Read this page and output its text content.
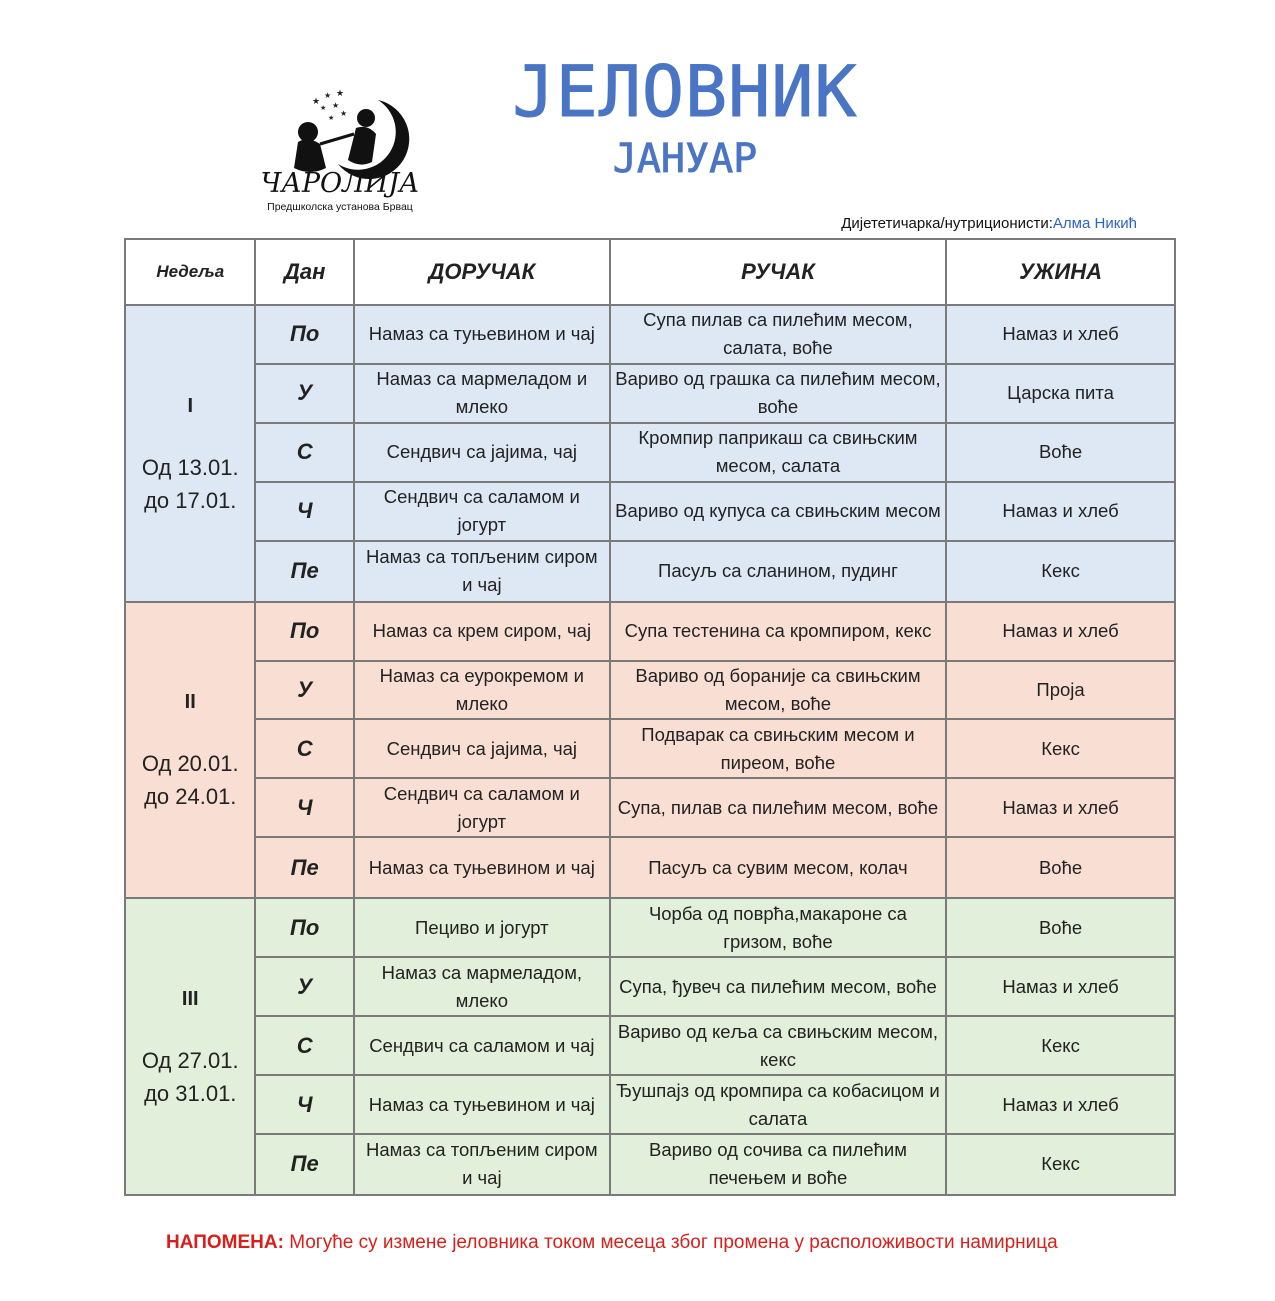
★
★ ★
★ ★
★
★
ЧАРОЛИЈА
Предшколска установа Брвац
ЈЕЛОВНИК
ЈАНУАР
Дијететичарка/нутриционисти:Алма Никић
Недеља	Дан	ДОРУЧАК	РУЧАК	УЖИНА

I
Од 13.01. до 17.01.	По	Намаз са туњевином и чај	Супа пилав са пилећим месом, салата, воће	Намаз и хлеб
	У	Намаз са мармеладом и млеко	Вариво од грашка са пилећим месом, воће	Царска пита
	С	Сендвич са јајима, чај	Кромпир паприкаш са свињским месом, салата	Воће
	Ч	Сендвич са саламом и јогурт	Вариво од купуса са свињским месом	Намаз и хлеб
	Пе	Намаз са топљеним сиром и чај	Пасуљ са сланином, пудинг	Кекс

II
Од 20.01. до 24.01.	По	Намаз са крем сиром, чај	Супа тестенина са кромпиром, кекс	Намаз и хлеб
	У	Намаз са еурокремом и млеко	Вариво од бораније са свињским месом, воће	Проја
	С	Сендвич са јајима, чај	Подварак са свињским месом и пиреом, воће	Кекс
	Ч	Сендвич са саламом и јогурт	Супа, пилав са пилећим месом, воће	Намаз и хлеб
	Пе	Намаз са туњевином и чај	Пасуљ са сувим месом, колач	Воће

III
Од 27.01. до 31.01.	По	Пециво и јогурт	Чорба од поврћа,макароне са гризом, воће	Воће
	У	Намаз са мармеладом, млеко	Супа, ђувеч са пилећим месом, воће	Намаз и хлеб
	С	Сендвич са саламом и чај	Вариво од кеља са свињским месом, кекс	Кекс
	Ч	Намаз са туњевином и чај	Ђушпајз од кромпира са кобасицом и салата	Намаз и хлеб
	Пе	Намаз са топљеним сиром и чај	Вариво од сочива са пилећим печењем и воће	Кекс
НАПОМЕНА: Могуће су измене јеловника током месеца због промена у расположивости намирница
